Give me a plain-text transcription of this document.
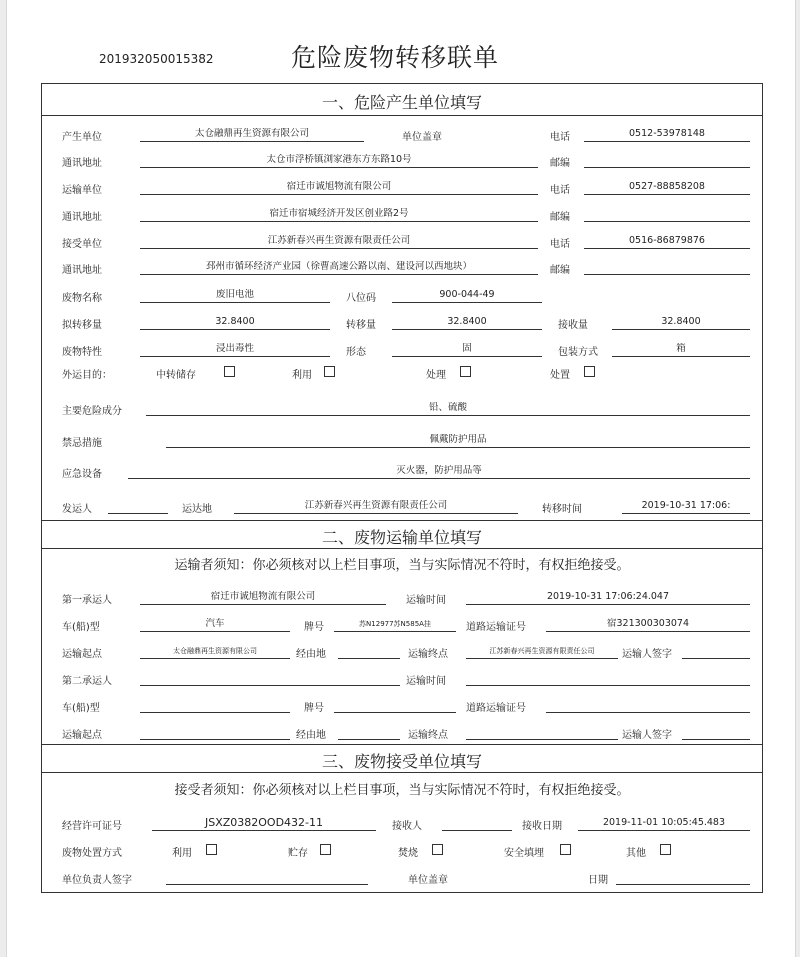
201932050015382	危险废物转移联单
一、危险产生单位填写
产生单位	太仓融鼎再生资源有限公司	单位盖章	电话	0512-53978148
通讯地址	太仓市浮桥镇浏家港东方东路10号	邮编
运输单位	宿迁市诚旭物流有限公司	电话	0527-88858208
通讯地址	宿迁市宿城经济开发区创业路2号	邮编
接受单位	江苏新春兴再生资源有限责任公司	电话	0516-86879876
通讯地址	邳州市循环经济产业园（徐曹高速公路以南、建设河以西地块）	邮编
废物名称	废旧电池	八位码	900-044-49
拟转移量	32.8400	转移量	32.8400	接收量	32.8400
废物特性	浸出毒性	形态	固	包装方式	箱
外运目的：	中转储存	利用	处理	处置
主要危险成分	铅、硫酸
禁忌措施	佩戴防护用品
应急设备	灭火器，防护用品等
发运人	运达地	江苏新春兴再生资源有限责任公司	转移时间	2019-10-31 17:06:
二、废物运输单位填写
运输者须知：你必须核对以上栏目事项，当与实际情况不符时，有权拒绝接受。
第一承运人	宿迁市诚旭物流有限公司	运输时间	2019-10-31 17:06:24.047
车(船)型	汽车	牌号	苏N12977苏N585A挂	道路运输证号	宿321300303074
运输起点	太仓融鼎再生资源有限公司	经由地	运输终点	江苏新春兴再生资源有限责任公司	运输人签字
第二承运人	运输时间
车(船)型	牌号	道路运输证号
运输起点	经由地	运输终点	运输人签字
三、废物接受单位填写
接受者须知：你必须核对以上栏目事项，当与实际情况不符时，有权拒绝接受。
经营许可证号	JSXZ0382OOD432-11	接收人	接收日期	2019-11-01 10:05:45.483
废物处置方式	利用	贮存	焚烧	安全填埋	其他
单位负责人签字	单位盖章	日期
